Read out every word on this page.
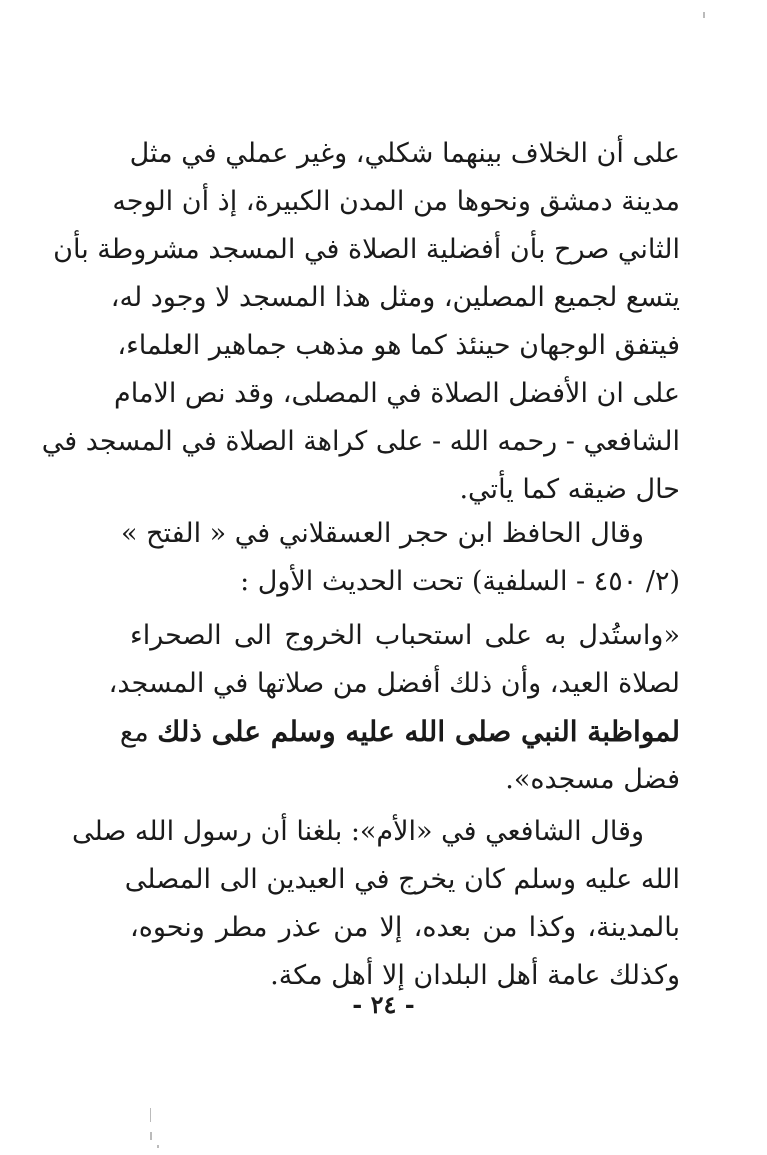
على أن الخلاف بينهما شكلي، وغير عملي في مثل
مدينة دمشق ونحوها من المدن الكبيرة، إذ أن الوجه
الثاني صرح بأن أفضلية الصلاة في المسجد مشروطة بأن
يتسع لجميع المصلين، ومثل هذا المسجد لا وجود له،
فيتفق الوجهان حينئذ كما هو مذهب جماهير العلماء،
على ان الأفضل الصلاة في المصلى، وقد نص الامام
الشافعي - رحمه الله - على كراهة الصلاة في المسجد في
حال ضيقه كما يأتي.
وقال الحافظ ابن حجر العسقلاني في « الفتح »
(٢/ ٤٥٠ - السلفية) تحت الحديث الأول :
«واستُدل به على استحباب الخروج الى الصحراء
لصلاة العيد، وأن ذلك أفضل من صلاتها في المسجد،
لمواظبة النبي صلى الله عليه وسلم على ذلك مع
فضل مسجده».
وقال الشافعي في «الأم»: بلغنا أن رسول الله صلى
الله عليه وسلم كان يخرج في العيدين الى المصلى
بالمدينة، وكذا من بعده، إلا من عذر مطر ونحوه،
وكذلك عامة أهل البلدان إلا أهل مكة.
- ٢٤ -
